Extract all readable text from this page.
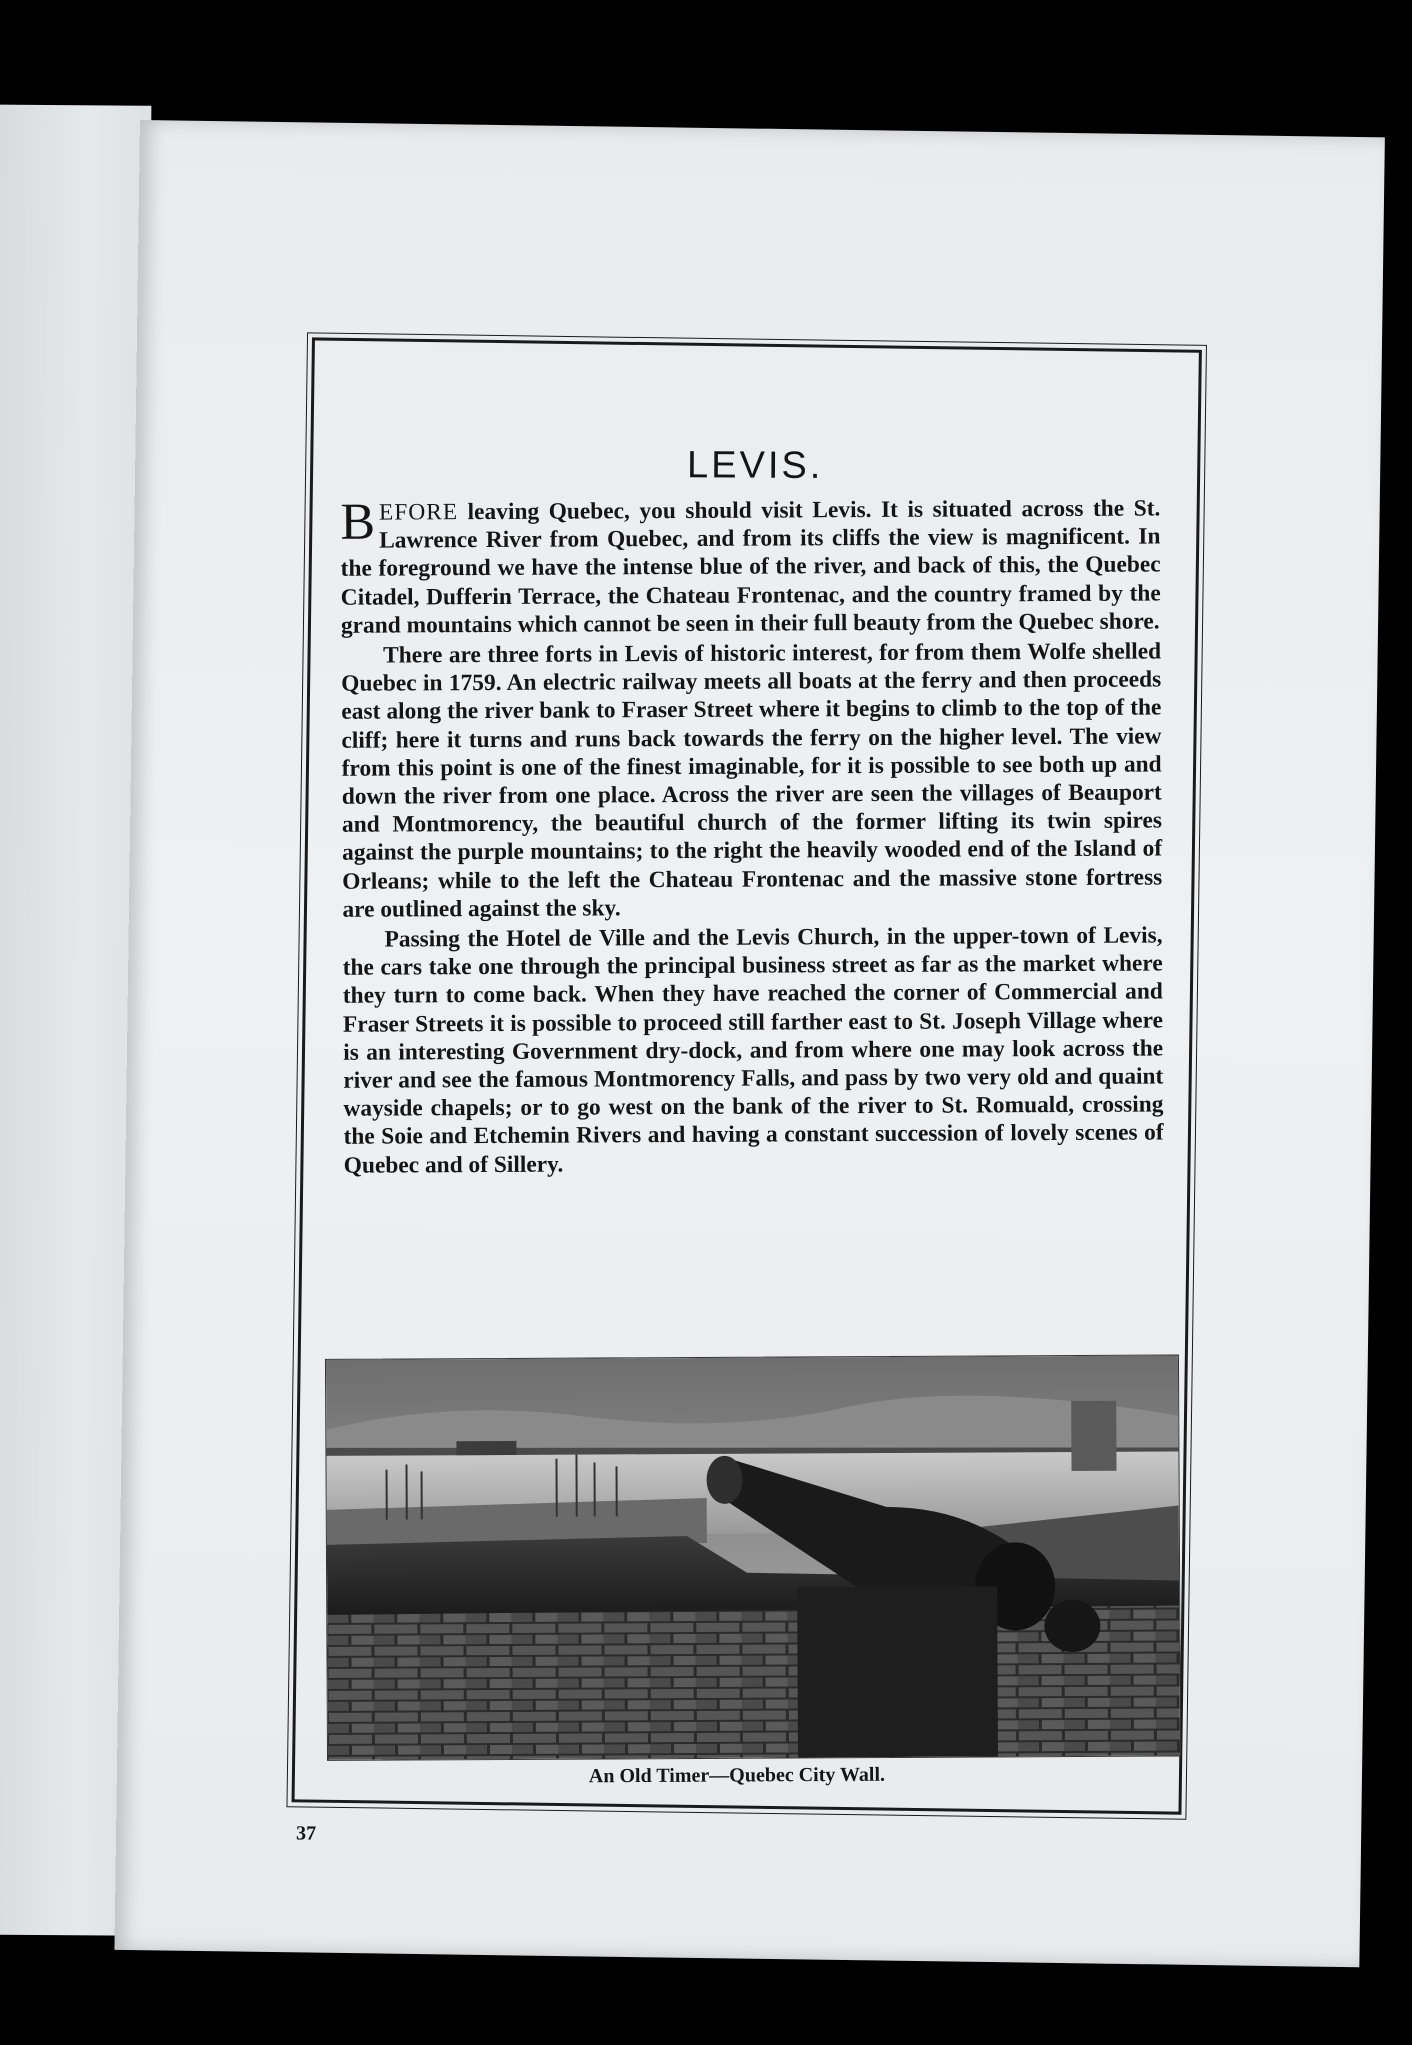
LEVIS.

BEFORE leaving Quebec, you should visit Levis. It is situated across the St. Lawrence River from Quebec, and from its cliffs the view is magnificent. In the foreground we have the intense blue of the river, and back of this, the Quebec Citadel, Dufferin Terrace, the Chateau Frontenac, and the country framed by the grand mountains which cannot be seen in their full beauty from the Quebec shore.

There are three forts in Levis of historic interest, for from them Wolfe shelled Quebec in 1759. An electric railway meets all boats at the ferry and then proceeds east along the river bank to Fraser Street where it begins to climb to the top of the cliff; here it turns and runs back towards the ferry on the higher level. The view from this point is one of the finest imaginable, for it is possible to see both up and down the river from one place. Across the river are seen the villages of Beauport and Montmorency, the beautiful church of the former lifting its twin spires against the purple mountains; to the right the heavily wooded end of the Island of Orleans; while to the left the Chateau Frontenac and the massive stone fortress are outlined against the sky.

Passing the Hotel de Ville and the Levis Church, in the upper-town of Levis, the cars take one through the principal business street as far as the market where they turn to come back. When they have reached the corner of Commercial and Fraser Streets it is possible to proceed still farther east to St. Joseph Village where is an interesting Government dry-dock, and from where one may look across the river and see the famous Montmorency Falls, and pass by two very old and quaint wayside chapels; or to go west on the bank of the river to St. Romuald, crossing the Soie and Etchemin Rivers and having a constant succession of lovely scenes of Quebec and of Sillery.

An Old Timer—Quebec City Wall.
37
